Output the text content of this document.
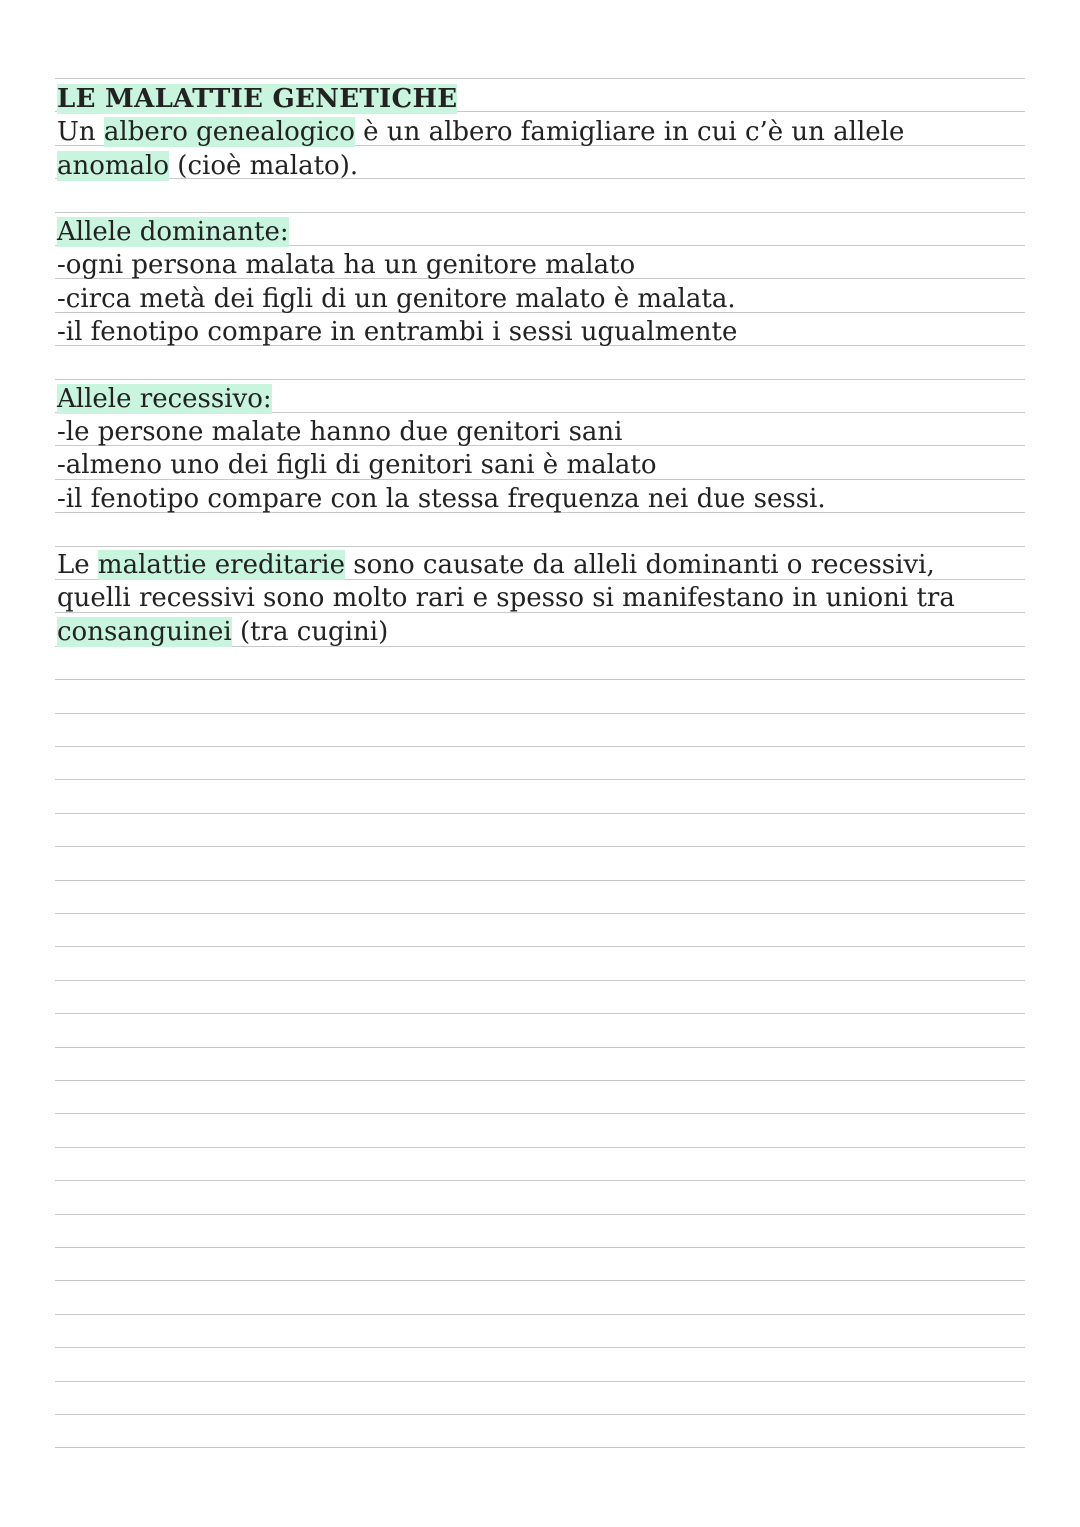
LE MALATTIE GENETICHE
Un albero genealogico è un albero famigliare in cui c’è un allele
anomalo (cioè malato).
Allele dominante:
-ogni persona malata ha un genitore malato
-circa metà dei figli di un genitore malato è malata.
-il fenotipo compare in entrambi i sessi ugualmente
Allele recessivo:
-le persone malate hanno due genitori sani
-almeno uno dei figli di genitori sani è malato
-il fenotipo compare con la stessa frequenza nei due sessi.
Le malattie ereditarie sono causate da alleli dominanti o recessivi,
quelli recessivi sono molto rari e spesso si manifestano in unioni tra
consanguinei (tra cugini)
